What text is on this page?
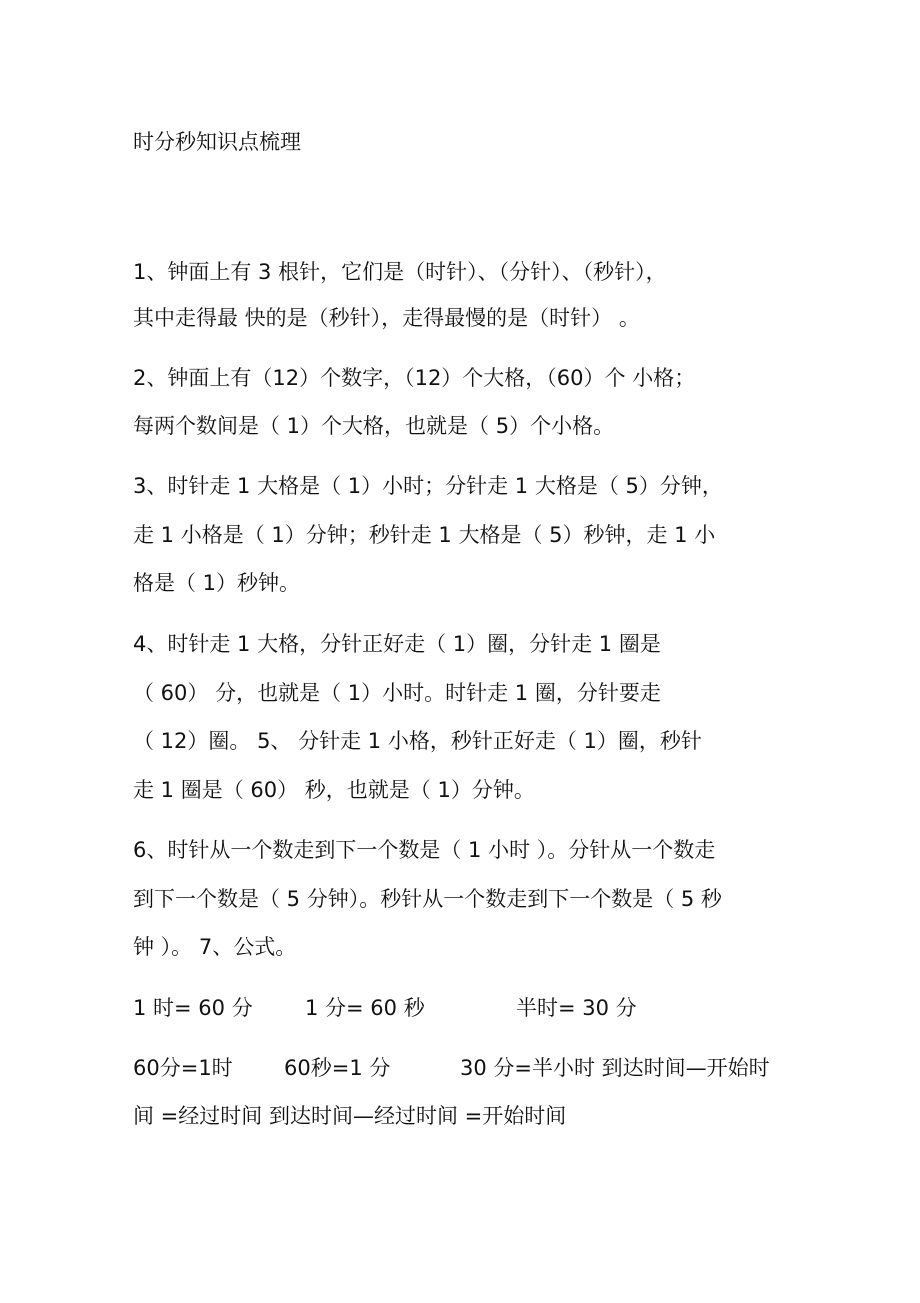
时分秒知识点梳理
1、钟面上有 3 根针，它们是（时针）、（分针）、（秒针），
其中走得最 快的是（秒针），走得最慢的是（时针） 。
2、钟面上有（12）个数字，（12）个大格，（60）个 小格；
每两个数间是（ 1）个大格，也就是（ 5）个小格。
3、时针走 1 大格是（ 1）小时；分针走 1 大格是（ 5）分钟，
走 1 小格是（ 1）分钟；秒针走 1 大格是（ 5）秒钟，走 1 小
格是（ 1）秒钟。
4、时针走 1 大格，分针正好走（ 1）圈，分针走 1 圈是
（ 60） 分，也就是（ 1）小时。时针走 1 圈，分针要走
（ 12）圈。 5、 分针走 1 小格，秒针正好走（ 1）圈，秒针
走 1 圈是（ 60） 秒，也就是（ 1）分钟。
6、时针从一个数走到下一个数是（ 1 小时 ）。分针从一个数走
到下一个数是（ 5 分钟）。秒针从一个数走到下一个数是（ 5 秒
钟 ）。 7、公式。
1 时= 60 分 1 分= 60 秒	半时= 30 分
60分=1时 60秒=1 分	30 分=半小时 到达时间—开始时
间 =经过时间 到达时间—经过时间 =开始时间
